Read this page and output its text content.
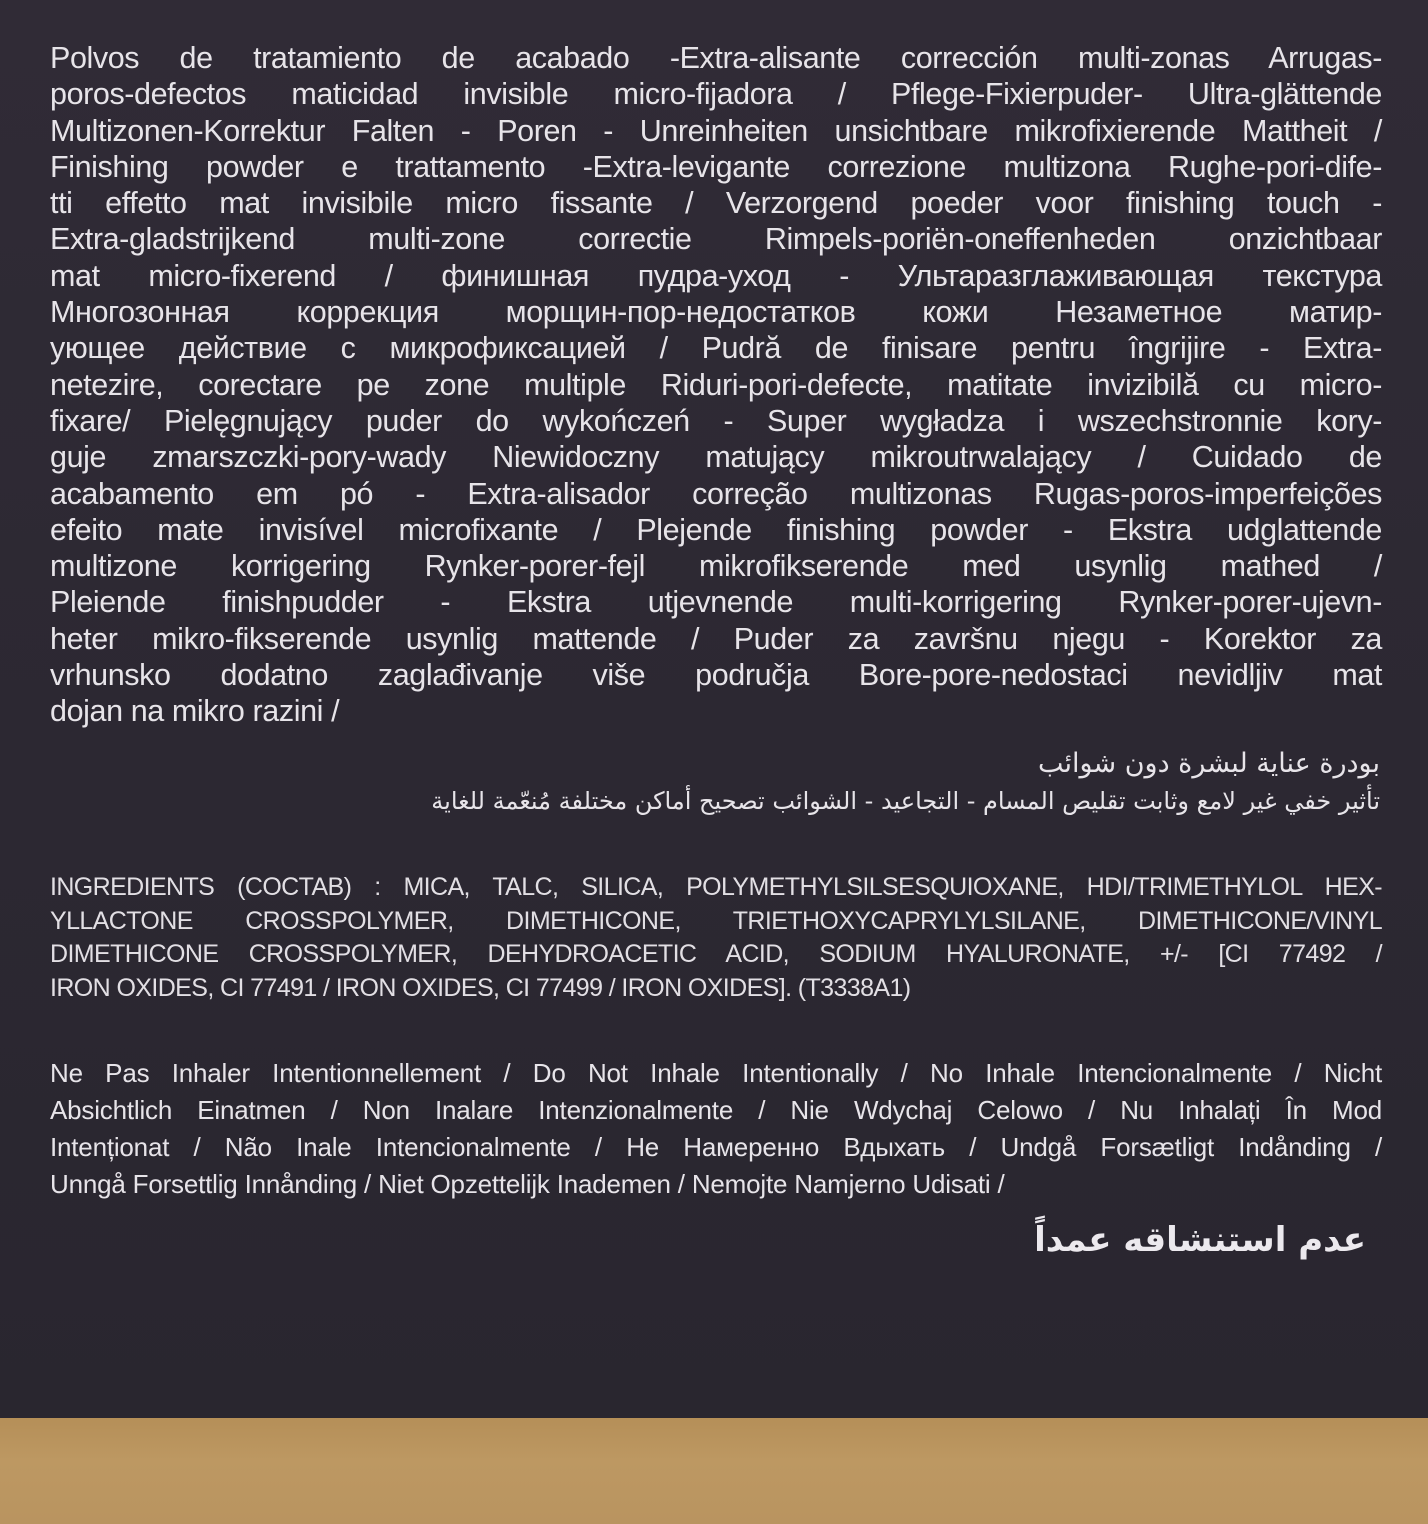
Polvos de tratamiento de acabado -Extra-alisante corrección multi-zonas Arrugas-
poros-defectos maticidad invisible micro-fijadora / Pflege-Fixierpuder- Ultra-glättende
Multizonen-Korrektur Falten - Poren - Unreinheiten unsichtbare mikrofixierende Mattheit /
Finishing powder e trattamento -Extra-levigante correzione multizona Rughe-pori-dife-
tti effetto mat invisibile micro fissante / Verzorgend poeder voor finishing touch -
Extra-gladstrijkend multi-zone correctie Rimpels-poriën-oneffenheden onzichtbaar
mat micro-fixerend / финишная пудра-уход - Ультаразглаживающая текстура
Многозонная коррекция морщин-пор-недостатков кожи Незаметное матир-
ующее действие с микрофиксацией / Pudră de finisare pentru îngrijire - Extra-
netezire, corectare pe zone multiple Riduri-pori-defecte, matitate invizibilă cu micro-
fixare/ Pielęgnujący puder do wykończeń - Super wygładza i wszechstronnie kory-
guje zmarszczki-pory-wady Niewidoczny matujący mikroutrwalający / Cuidado de
acabamento em pó - Extra-alisador correção multizonas Rugas-poros-imperfeições
efeito mate invisível microfixante / Plejende finishing powder - Ekstra udglattende
multizone korrigering Rynker-porer-fejl mikrofikserende med usynlig mathed /
Pleiende finishpudder - Ekstra utjevnende multi-korrigering Rynker-porer-ujevn-
heter mikro-fikserende usynlig mattende / Puder za završnu njegu - Korektor za
vrhunsko dodatno zaglađivanje više područja Bore-pore-nedostaci nevidljiv mat
dojan na mikro razini /
بودرة عناية لبشرة دون شوائب
تأثير خفي غير لامع وثابت تقليص المسام - التجاعيد - الشوائب تصحيح أماكن مختلفة مُنعّمة للغاية
INGREDIENTS (COCTAB) : MICA, TALC, SILICA, POLYMETHYLSILSESQUIOXANE, HDI/TRIMETHYLOL HEX-
YLLACTONE CROSSPOLYMER, DIMETHICONE, TRIETHOXYCAPRYLYLSILANE, DIMETHICONE/VINYL
DIMETHICONE CROSSPOLYMER, DEHYDROACETIC ACID, SODIUM HYALURONATE, +/- [CI 77492 /
IRON OXIDES, CI 77491 / IRON OXIDES, CI 77499 / IRON OXIDES]. (T3338A1)
Ne Pas Inhaler Intentionnellement / Do Not Inhale Intentionally / No Inhale Intencionalmente / Nicht
Absichtlich Einatmen / Non Inalare Intenzionalmente / Nie Wdychaj Celowo / Nu Inhalați În Mod
Intenționat / Não Inale Intencionalmente / Не Намеренно Вдыхать / Undgå Forsætligt Indånding /
Unngå Forsettlig Innånding / Niet Opzettelijk Inademen / Nemojte Namjerno Udisati /
عدم استنشاقه عمداً
